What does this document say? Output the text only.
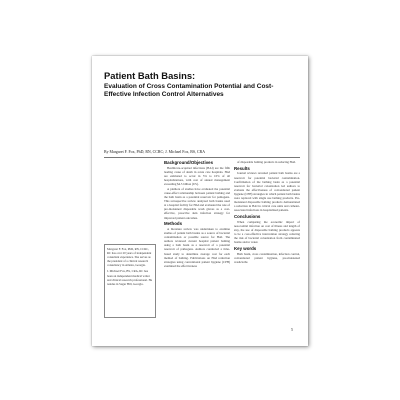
Patient Bath Basins:
Evaluation of Cross Contamination Potential and Cost-Effective Infection Control Alternatives
By Margaret F. Fox, PhD, RN, CCRC; J. Michael Fox, BS, CRA

Margaret F. Fox, PhD, RN, CCRC, RC has over 20 years of independent consultant experience. She serves as the president of a clinical research consultancy in Atlanta, Georgia.

J. Michael Fox, BS, CRA, RC has been an independent medical writer and clinical research professional. He resides in Sugar Hill, Georgia.

Background/Objectives

Healthcare-acquired infections (HAI) are the fifth leading cause of death in acute care hospitals. HAI are estimated to occur in 5% to 10% of all hospitalizations, with cost of annual management exceeding $4.5 billion (US).

A plethora of studies have evaluated the potential cause-effect relationship between patient bathing and the bath basin as a potential reservoir for pathogens. This retrospective review analyzed bath basins used at a hospital facility for HAI and evaluated the role of pre-moistened disposable wash gloves as a cost-effective, proactive skin infection strategy for improved patient outcomes.

Methods

A literature review was undertaken to examine studies of patient bath basins as a source of bacterial contamination or possible source for HAI. The authors reviewed current hospital patient bathing using a bath basin as a reservoir of a potential reservoir of pathogens. Authors conducted a time-based study to determine average cost for each method of bathing. Publications on HAI reduction strategies using conventional patient hygiene (CPH) examined the effectiveness

of disposable bathing products in reducing HAI.

Results

Journal reviews revealed patient bath basins are a reservoir for potential bacterial contamination. Confirmation of the bathing basin as a potential reservoir for bacterial colonization led authors to evaluate the effectiveness of conventional patient hygiene (CPH) strategies in which patient bath basins were replaced with single use bathing products. Pre-moistened disposable bathing products demonstrated a reduction in HAI in critical care units and catheter-associated infections in hospitalized patients.

Conclusions

When comparing the economic impact of nosocomial infection on cost of illness and length of stay, the use of disposable bathing products appears to be a cost-effective intervention strategy reducing the risk of bacterial colonization from contaminated basins and/or water.

Key words

Bath basin, cross contamination, infection control, conventional patient hygiene, pre-moistened washcloths

5
